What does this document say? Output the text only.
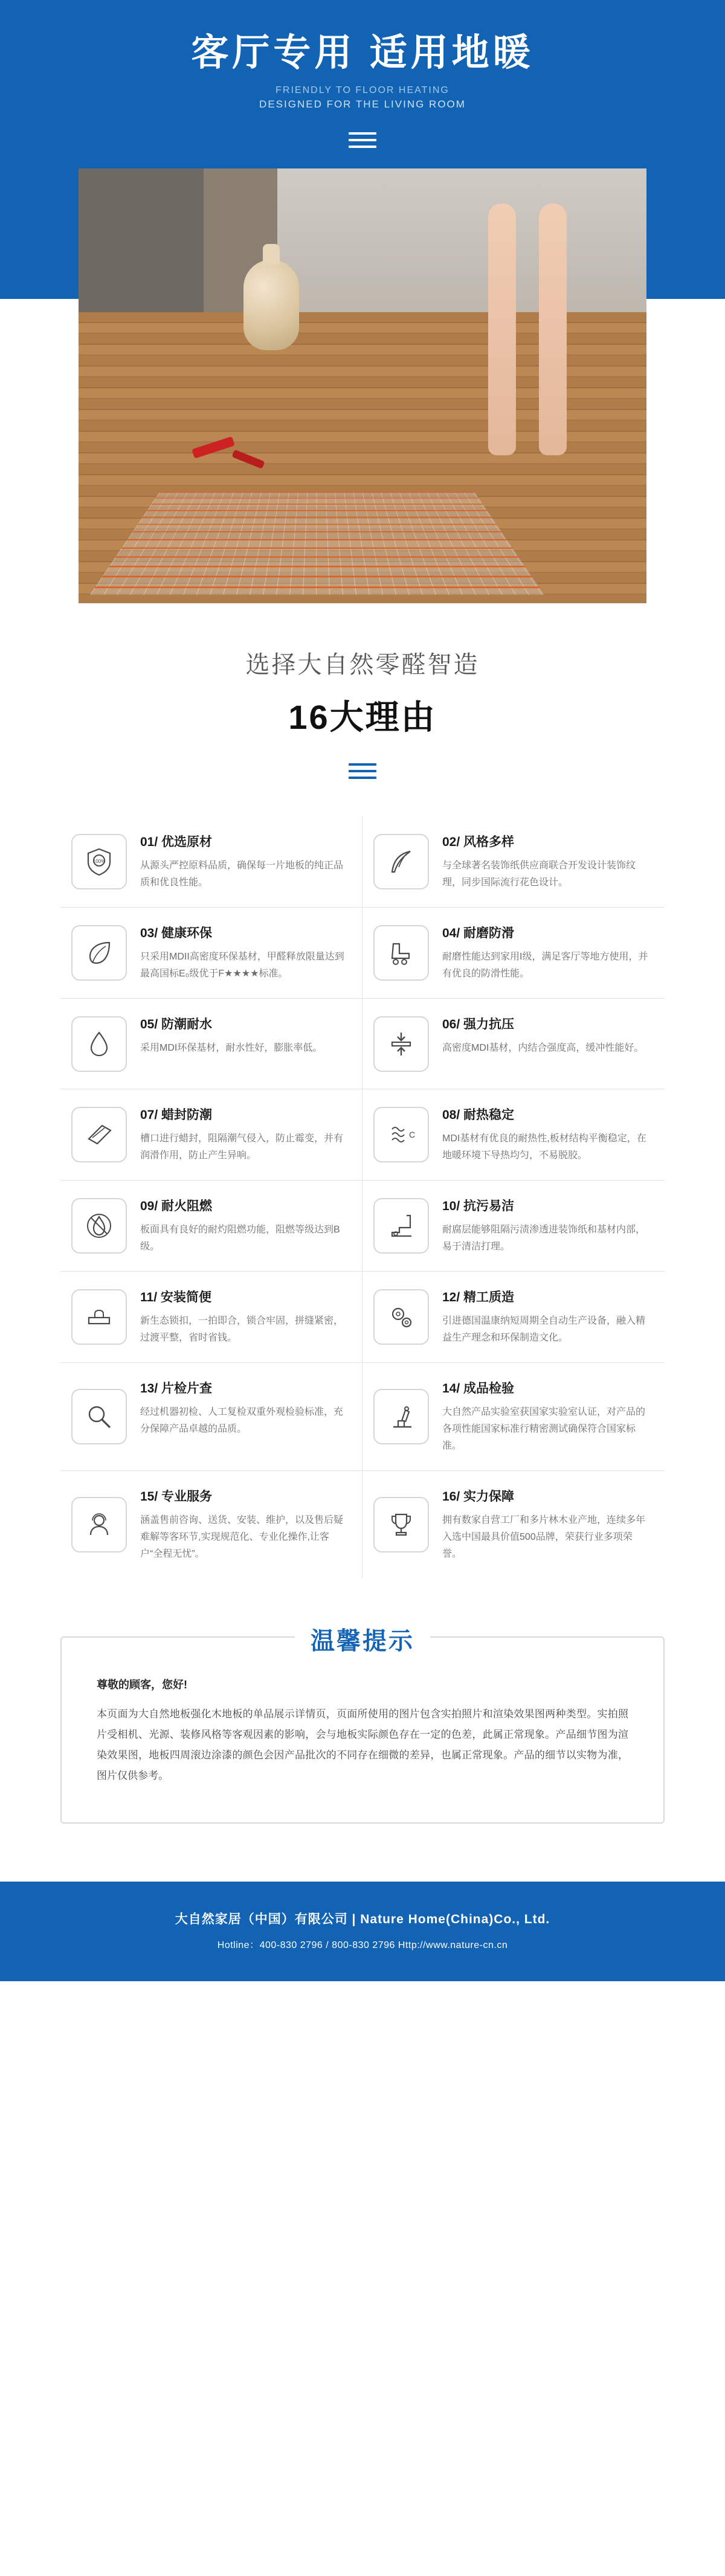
客厅专用 适用地暖
FRIENDLY TO FLOOR HEATING
DESIGNED FOR THE LIVING ROOM
选择大自然零醛智造
16大理由
100%
01/ 优选原材
从源头严控原料品质，确保每一片地板的纯正品质和优良性能。
02/ 风格多样
与全球著名装饰纸供应商联合开发设计装饰纹理，同步国际流行花色设计。
03/ 健康环保
只采用MDII高密度环保基材，甲醛释放限量达到最高国标E₀级优于F★★★★标准。
04/ 耐磨防滑
耐磨性能达到家用I级，满足客厅等地方使用，并有优良的防滑性能。
05/ 防潮耐水
采用MDI环保基材，耐水性好，膨胀率低。
06/ 强力抗压
高密度MDI基材，内结合强度高，缓冲性能好。
07/ 蜡封防潮
槽口进行蜡封，阻隔潮气侵入，防止霉变，并有润滑作用，防止产生异响。
C
08/ 耐热稳定
MDI基材有优良的耐热性,板材结构平衡稳定，在地暖环境下导热均匀，不易脱胶。
09/ 耐火阻燃
板面具有良好的耐灼阻燃功能，阻燃等级达到B级。
10/ 抗污易洁
耐腐层能够阻隔污渍渗透进装饰纸和基材内部，易于清洁打理。
11/ 安装简便
新生态锁扣，一拍即合，锁合牢固，拼缝紧密，过渡平整，省时省钱。
12/ 精工质造
引进德国温康纳短周期全自动生产设备，融入精益生产理念和环保制造文化。
13/ 片检片查
经过机器初检、人工复检双重外观检验标准，充分保障产品卓越的品质。
14/ 成品检验
大自然产品实验室获国家实验室认证，对产品的各项性能国家标准行精密测试确保符合国家标准。
15/ 专业服务
涵盖售前咨询、送货、安装、维护，以及售后疑难解等客环节,实现规范化、专业化操作,让客户“全程无忧”。
16/ 实力保障
拥有数家自营工厂和多片林木业产地，连续多年入选中国最具价值500品牌，荣获行业多项荣誉。
温馨提示
尊敬的顾客，您好!
本页面为大自然地板强化木地板的单品展示详情页，页面所使用的图片包含实拍照片和渲染效果图两种类型。实拍照片受相机、光源、装修风格等客观因素的影响，会与地板实际颜色存在一定的色差，此属正常现象。产品细节图为渲染效果图，地板四周滚边涂漆的颜色会因产品批次的不同存在细微的差异，也属正常现象。产品的细节以实物为准，图片仅供参考。
大自然家居（中国）有限公司 | Nature Home(China)Co., Ltd.
Hotline：400-830 2796 / 800-830 2796 Http://www.nature-cn.cn
